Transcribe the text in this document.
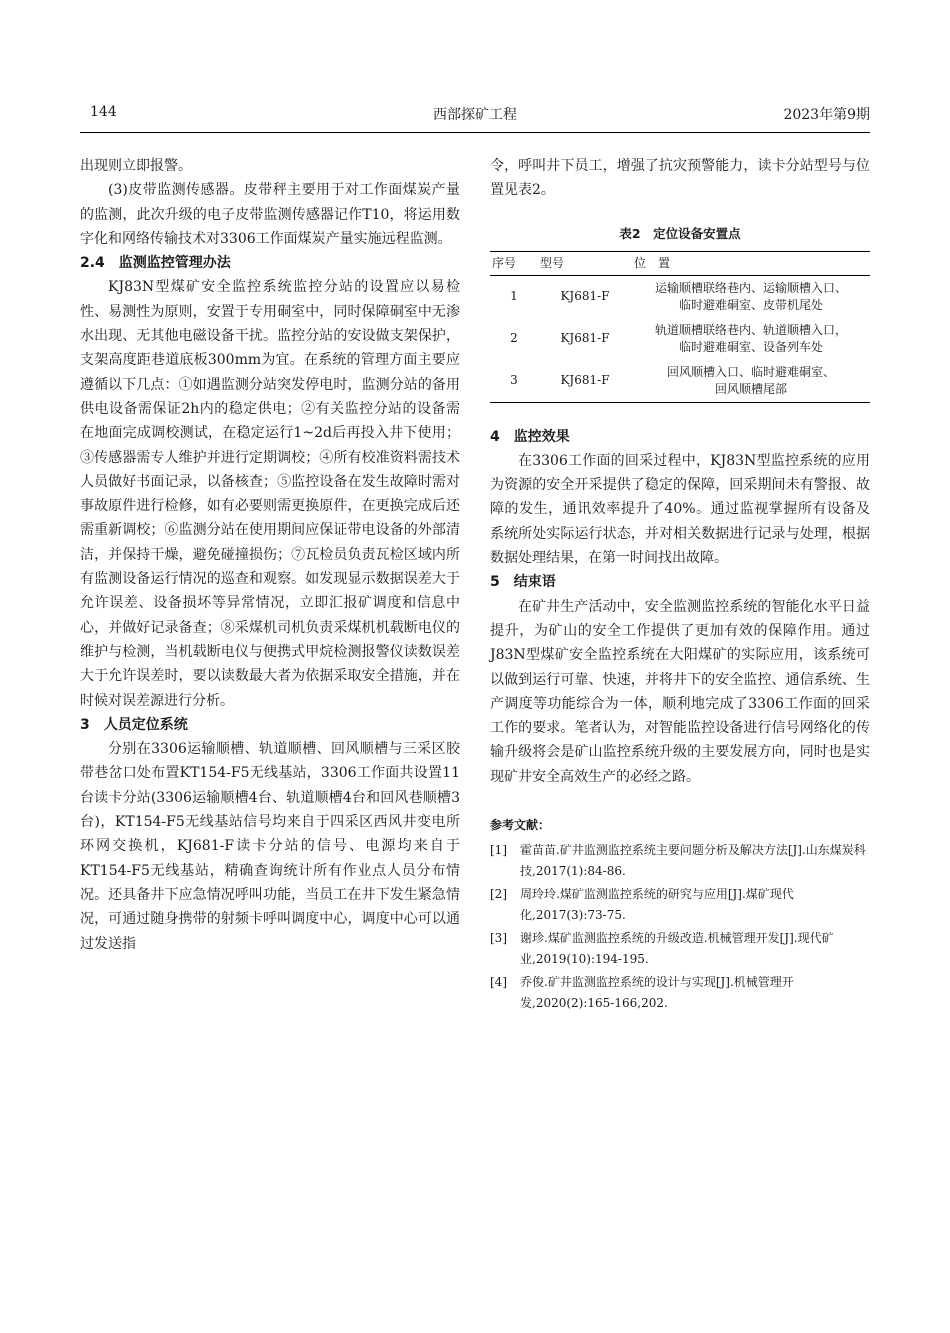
144	西部探矿工程	2023年第9期

出现则立即报警。

(3)皮带监测传感器。皮带秤主要用于对工作面煤炭产量的监测，此次升级的电子皮带监测传感器记作T10，将运用数字化和网络传输技术对3306工作面煤炭产量实施远程监测。

2.4　监测监控管理办法

KJ83N型煤矿安全监控系统监控分站的设置应以易检性、易测性为原则，安置于专用硐室中，同时保障硐室中无渗水出现、无其他电磁设备干扰。监控分站的安设做支架保护，支架高度距巷道底板300mm为宜。在系统的管理方面主要应遵循以下几点：①如遇监测分站突发停电时，监测分站的备用供电设备需保证2h内的稳定供电；②有关监控分站的设备需在地面完成调校测试，在稳定运行1~2d后再投入井下使用；③传感器需专人维护并进行定期调校；④所有校准资料需技术人员做好书面记录，以备核查；⑤监控设备在发生故障时需对事故原件进行检修，如有必要则需更换原件，在更换完成后还需重新调校；⑥监测分站在使用期间应保证带电设备的外部清洁，并保持干燥，避免碰撞损伤；⑦瓦检员负责瓦检区域内所有监测设备运行情况的巡查和观察。如发现显示数据误差大于允许误差、设备损坏等异常情况，立即汇报矿调度和信息中心，并做好记录备查；⑧采煤机司机负责采煤机机载断电仪的维护与检测，当机载断电仪与便携式甲烷检测报警仪读数误差大于允许误差时，要以读数最大者为依据采取安全措施，并在时候对误差源进行分析。

3　人员定位系统

分别在3306运输顺槽、轨道顺槽、回风顺槽与三采区胶带巷岔口处布置KT154-F5无线基站，3306工作面共设置11台读卡分站(3306运输顺槽4台、轨道顺槽4台和回风巷顺槽3台)，KT154-F5无线基站信号均来自于四采区西风井变电所环网交换机，KJ681-F读卡分站的信号、电源均来自于KT154-F5无线基站，精确查询统计所有作业点人员分布情况。还具备井下应急情况呼叫功能，当员工在井下发生紧急情况，可通过随身携带的射频卡呼叫调度中心，调度中心可以通过发送指

令，呼叫井下员工，增强了抗灾预警能力，读卡分站型号与位置见表2。

表2　定位设备安置点
序号	型号	位　置
1	KJ681-F	运输顺槽联络巷内、运输顺槽入口、
临时避难硐室、皮带机尾处

2	KJ681-F	轨道顺槽联络巷内、轨道顺槽入口，
临时避难硐室、设备列车处

3	KJ681-F	回风顺槽入口、临时避难硐室、
回风顺槽尾部
4　监控效果

在3306工作面的回采过程中，KJ83N型监控系统的应用为资源的安全开采提供了稳定的保障，回采期间未有警报、故障的发生，通讯效率提升了40%。通过监视掌握所有设备及系统所处实际运行状态，并对相关数据进行记录与处理，根据数据处理结果，在第一时间找出故障。

5　结束语

在矿井生产活动中，安全监测监控系统的智能化水平日益提升，为矿山的安全工作提供了更加有效的保障作用。通过J83N型煤矿安全监控系统在大阳煤矿的实际应用，该系统可以做到运行可靠、快速，并将井下的安全监控、通信系统、生产调度等功能综合为一体，顺利地完成了3306工作面的回采工作的要求。笔者认为，对智能监控设备进行信号网络化的传输升级将会是矿山监控系统升级的主要发展方向，同时也是实现矿井安全高效生产的必经之路。

参考文献：
[1] 霍苗苗.矿井监测监控系统主要问题分析及解决方法[J].山东煤炭科技,2017(1):84-86.
[2] 周玲玲.煤矿监测监控系统的研究与应用[J].煤矿现代化,2017(3):73-75.
[3] 谢珍.煤矿监测监控系统的升级改造.机械管理开发[J].现代矿业,2019(10):194-195.
[4] 乔俊.矿井监测监控系统的设计与实现[J].机械管理开发,2020(2):165-166,202.
